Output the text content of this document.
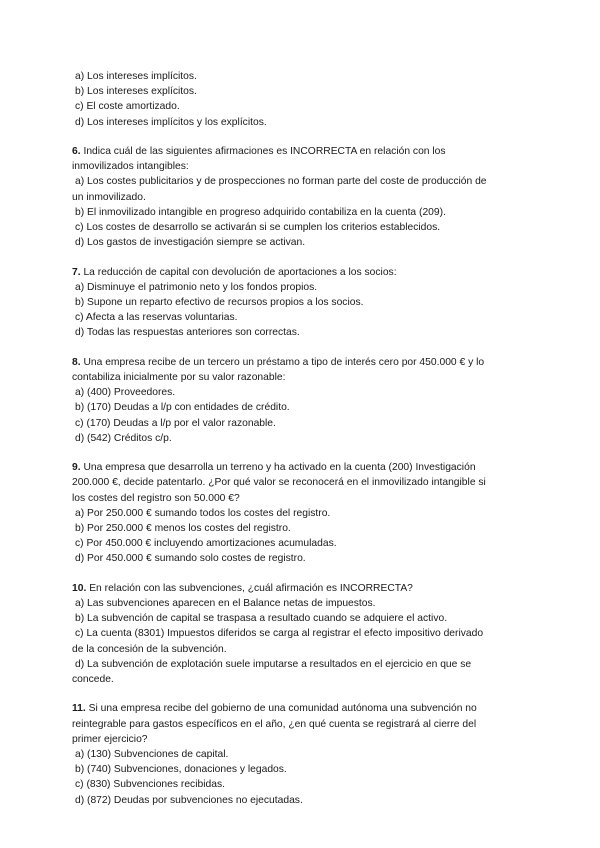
a) Los intereses implícitos.
b) Los intereses explícitos.
c) El coste amortizado.
d) Los intereses implícitos y los explícitos.
6. Indica cuál de las siguientes afirmaciones es INCORRECTA en relación con los
inmovilizados intangibles:
a) Los costes publicitarios y de prospecciones no forman parte del coste de producción de
un inmovilizado.
b) El inmovilizado intangible en progreso adquirido contabiliza en la cuenta (209).
c) Los costes de desarrollo se activarán si se cumplen los criterios establecidos.
d) Los gastos de investigación siempre se activan.
7. La reducción de capital con devolución de aportaciones a los socios:
a) Disminuye el patrimonio neto y los fondos propios.
b) Supone un reparto efectivo de recursos propios a los socios.
c) Afecta a las reservas voluntarias.
d) Todas las respuestas anteriores son correctas.
8. Una empresa recibe de un tercero un préstamo a tipo de interés cero por 450.000 € y lo
contabiliza inicialmente por su valor razonable:
a) (400) Proveedores.
b) (170) Deudas a l/p con entidades de crédito.
c) (170) Deudas a l/p por el valor razonable.
d) (542) Créditos c/p.
9. Una empresa que desarrolla un terreno y ha activado en la cuenta (200) Investigación
200.000 €, decide patentarlo. ¿Por qué valor se reconocerá en el inmovilizado intangible si
los costes del registro son 50.000 €?
a) Por 250.000 € sumando todos los costes del registro.
b) Por 250.000 € menos los costes del registro.
c) Por 450.000 € incluyendo amortizaciones acumuladas.
d) Por 450.000 € sumando solo costes de registro.
10. En relación con las subvenciones, ¿cuál afirmación es INCORRECTA?
a) Las subvenciones aparecen en el Balance netas de impuestos.
b) La subvención de capital se traspasa a resultado cuando se adquiere el activo.
c) La cuenta (8301) Impuestos diferidos se carga al registrar el efecto impositivo derivado
de la concesión de la subvención.
d) La subvención de explotación suele imputarse a resultados en el ejercicio en que se
concede.
11. Si una empresa recibe del gobierno de una comunidad autónoma una subvención no
reintegrable para gastos específicos en el año, ¿en qué cuenta se registrará al cierre del
primer ejercicio?
a) (130) Subvenciones de capital.
b) (740) Subvenciones, donaciones y legados.
c) (830) Subvenciones recibidas.
d) (872) Deudas por subvenciones no ejecutadas.
